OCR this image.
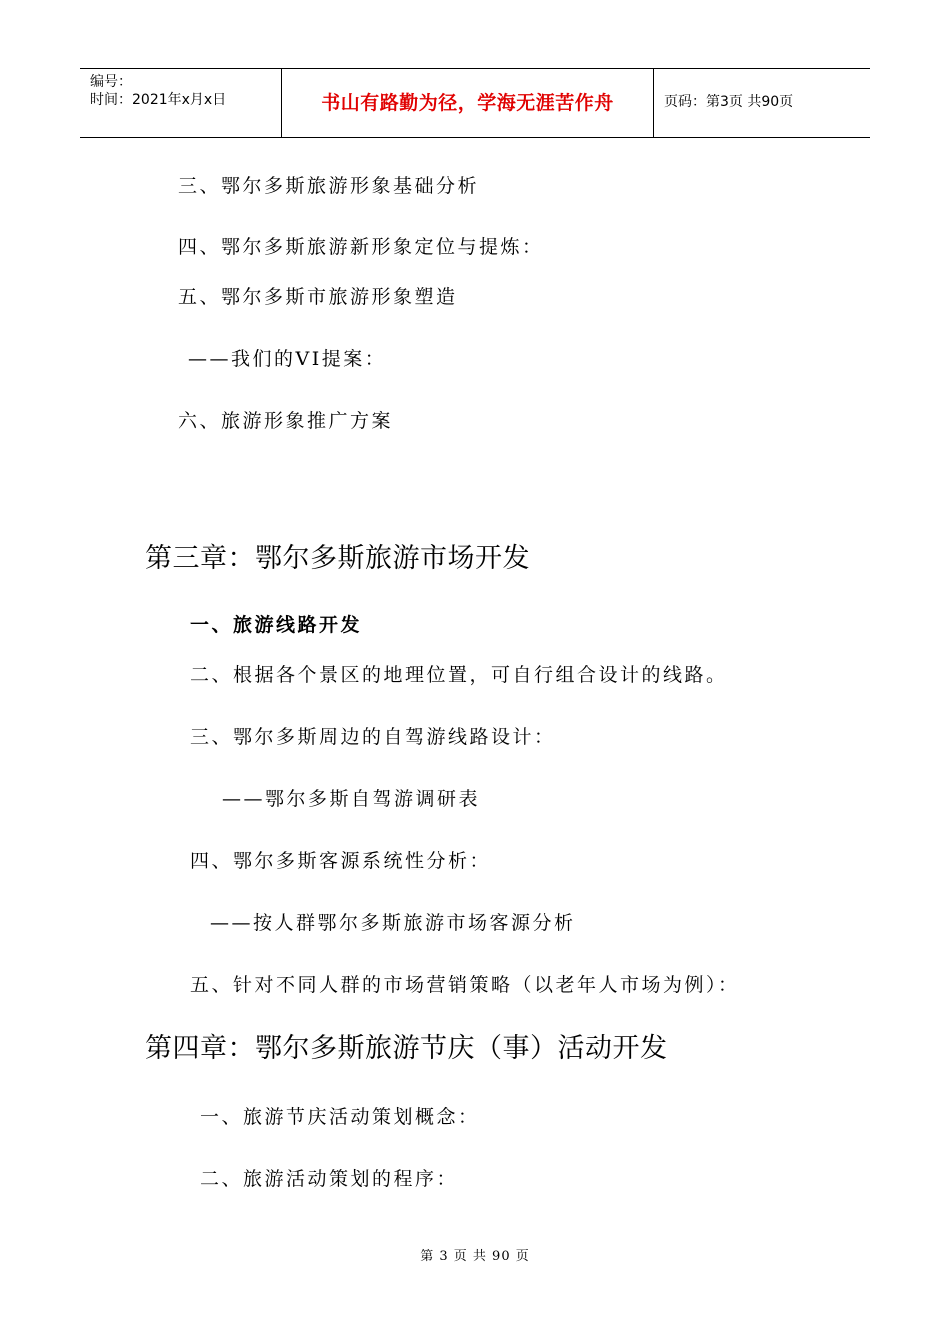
编号：
时间：2021年x月x日	书山有路勤为径，学海无涯苦作舟	页码：第3页 共90页
三、鄂尔多斯旅游形象基础分析
四、鄂尔多斯旅游新形象定位与提炼：
五、鄂尔多斯市旅游形象塑造
——我们的VI提案：
六、旅游形象推广方案
第三章：鄂尔多斯旅游市场开发
一、旅游线路开发
二、根据各个景区的地理位置，可自行组合设计的线路。
三、鄂尔多斯周边的自驾游线路设计：
——鄂尔多斯自驾游调研表
四、鄂尔多斯客源系统性分析：
——按人群鄂尔多斯旅游市场客源分析
五、针对不同人群的市场营销策略（以老年人市场为例）：
第四章：鄂尔多斯旅游节庆（事）活动开发
一、旅游节庆活动策划概念：
二、旅游活动策划的程序：
第 3 页 共 90 页
